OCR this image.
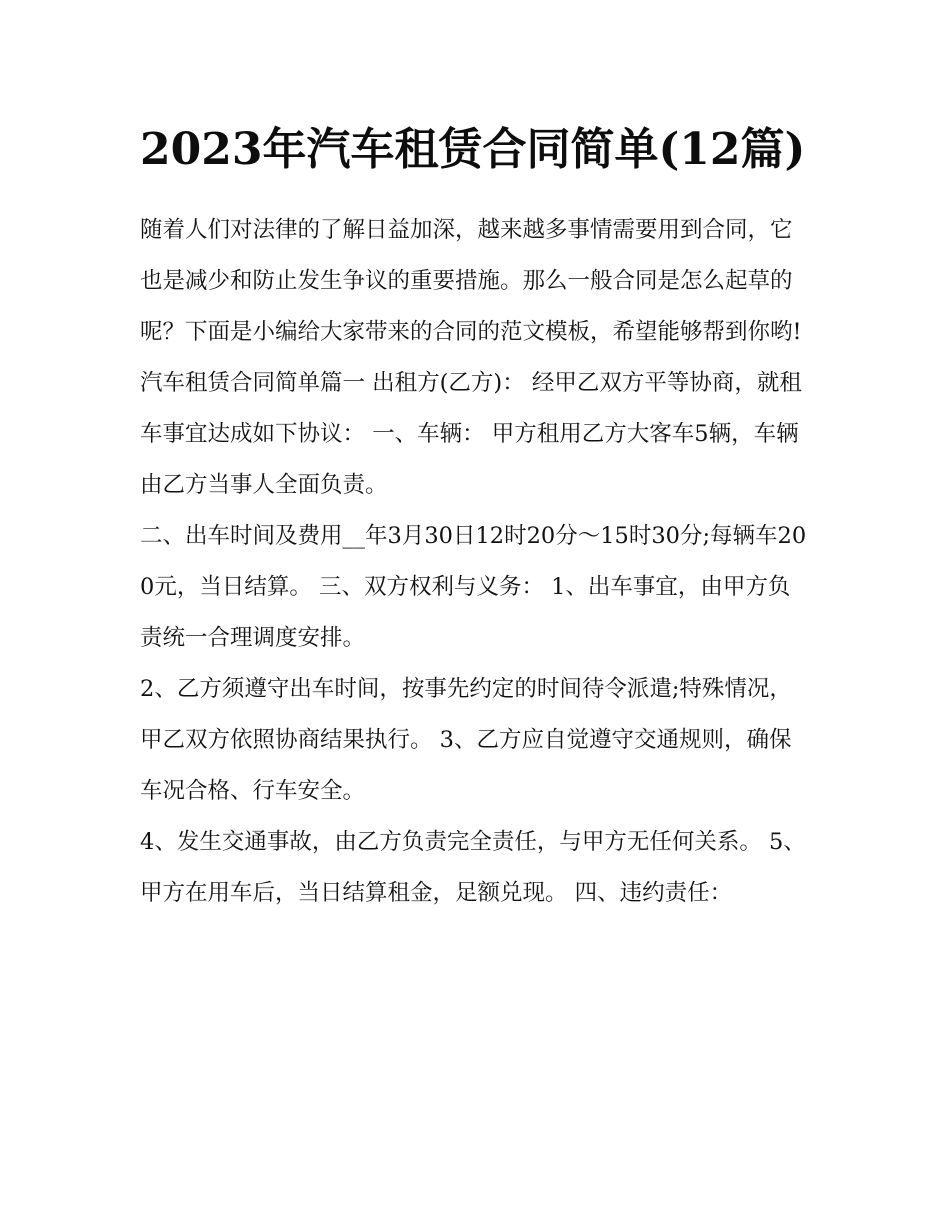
2023年汽车租赁合同简单(12篇)

随着人们对法律的了解日益加深，越来越多事情需要用到合同，它也是减少和防止发生争议的重要措施。那么一般合同是怎么起草的呢？下面是小编给大家带来的合同的范文模板，希望能够帮到你哟!

汽车租赁合同简单篇一 出租方(乙方)： 经甲乙双方平等协商，就租车事宜达成如下协议： 一、车辆： 甲方租用乙方大客车5辆，车辆由乙方当事人全面负责。

二、出车时间及费用__年3月30日12时20分～15时30分;每辆车200元，当日结算。 三、双方权利与义务： 1、出车事宜，由甲方负责统一合理调度安排。

2、乙方须遵守出车时间，按事先约定的时间待令派遣;特殊情况，甲乙双方依照协商结果执行。 3、乙方应自觉遵守交通规则，确保车况合格、行车安全。

4、发生交通事故，由乙方负责完全责任，与甲方无任何关系。 5、甲方在用车后，当日结算租金，足额兑现。 四、违约责任：
